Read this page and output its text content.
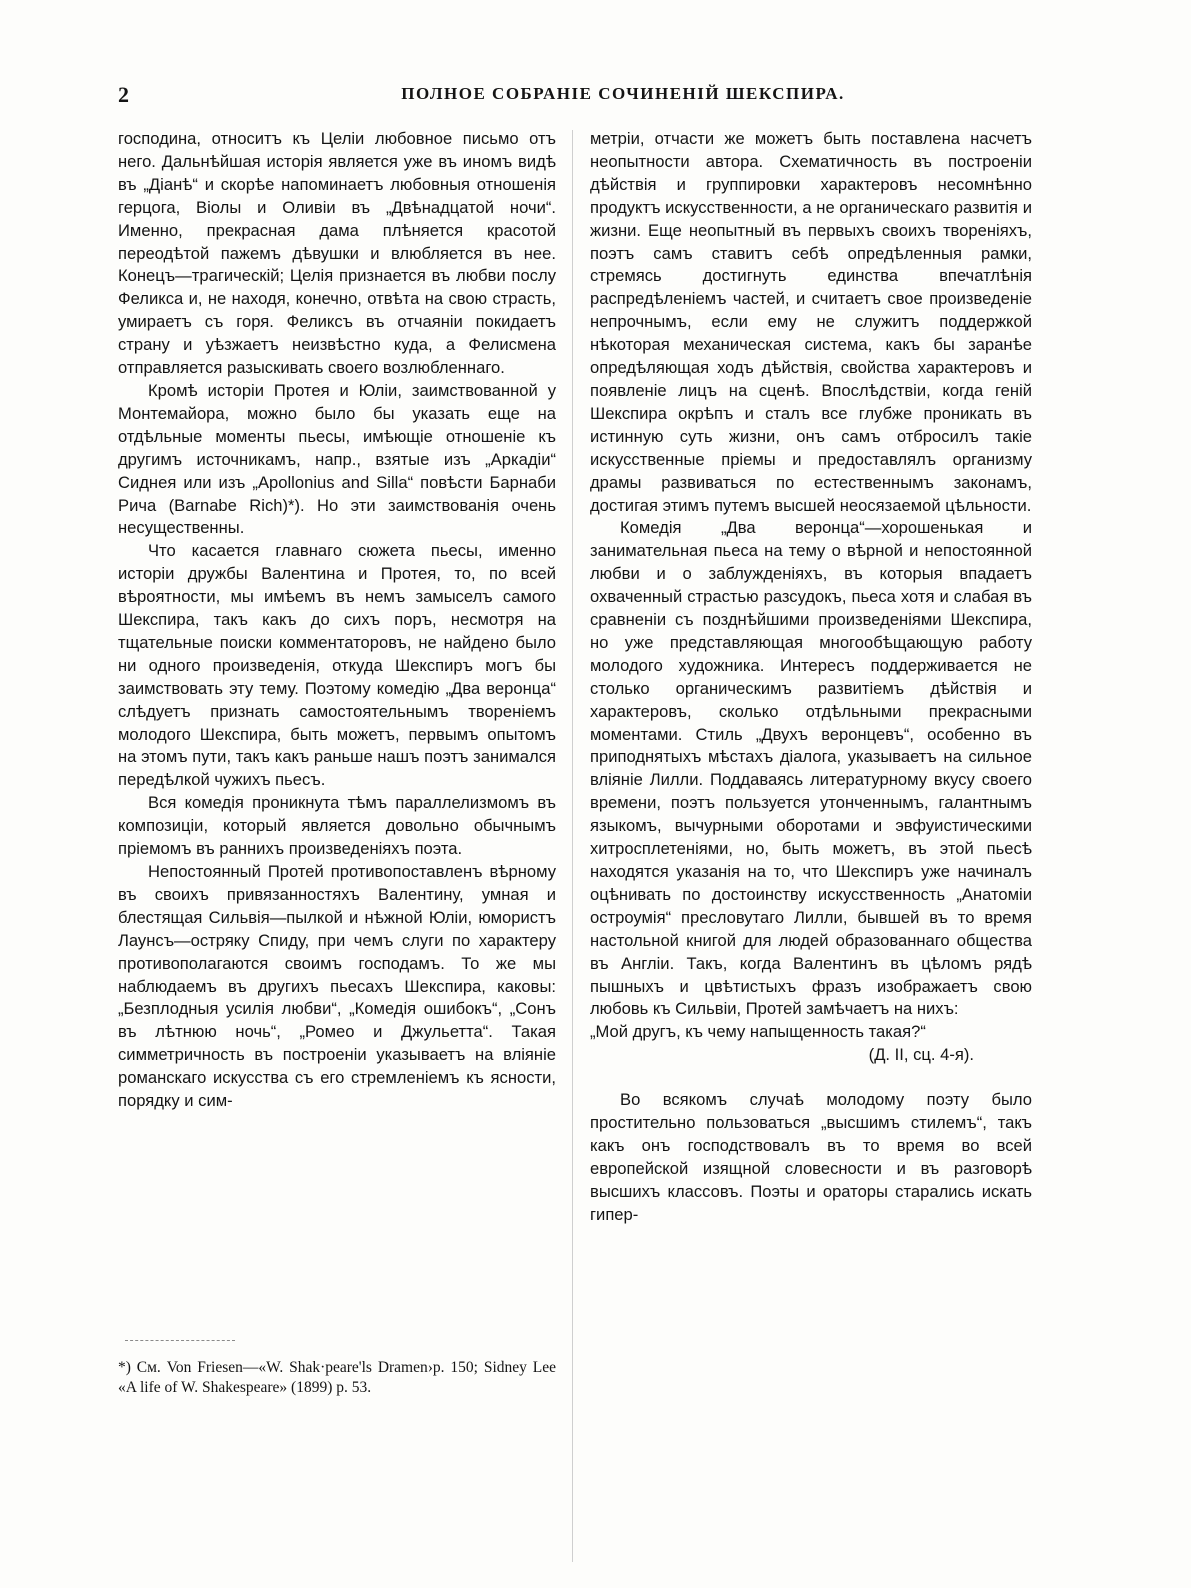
2	ПОЛНОЕ СОБРАНІЕ СОЧИНЕНІЙ ШЕКСПИРА.

господина, относитъ къ Целіи любовное письмо отъ него. Дальнѣйшая исторія является уже въ иномъ видѣ въ „Діанѣ“ и скорѣе напоминаетъ любовныя отношенія герцога, Віолы и Оливіи въ „Двѣнадцатой ночи“. Именно, прекрасная дама плѣняется красотой переодѣтой пажемъ дѣвушки и влюбляется въ нее. Конецъ—трагическій; Целія признается въ любви послу Феликса и, не находя, конечно, отвѣта на свою страсть, умираетъ съ горя. Феликсъ въ отчаяніи покидаетъ страну и уѣзжаетъ неизвѣстно куда, а Фелисмена отправляется разыскивать своего возлюбленнаго.

Кромѣ исторіи Протея и Юліи, заимствованной у Монтемайора, можно было бы указать еще на отдѣльные моменты пьесы, имѣющіе отношеніе къ другимъ источникамъ, напр., взятые изъ „Аркадіи“ Сиднея или изъ „Apollonius and Silla“ повѣсти Барнаби Рича (Barnabe Rich)*). Но эти заимствованія очень несущественны.

Что касается главнаго сюжета пьесы, именно исторіи дружбы Валентина и Протея, то, по всей вѣроятности, мы имѣемъ въ немъ замыселъ самого Шекспира, такъ какъ до сихъ поръ, несмотря на тщательные поиски комментаторовъ, не найдено было ни одного произведенія, откуда Шекспиръ могъ бы заимствовать эту тему. Поэтому комедію „Два веронца“ слѣдуетъ признать самостоятельнымъ твореніемъ молодого Шекспира, быть можетъ, первымъ опытомъ на этомъ пути, такъ какъ раньше нашъ поэтъ занимался передѣлкой чужихъ пьесъ.

Вся комедія проникнута тѣмъ параллелизмомъ въ композиціи, который является довольно обычнымъ пріемомъ въ раннихъ произведеніяхъ поэта.

Непостоянный Протей противопоставленъ вѣрному въ своихъ привязанностяхъ Валентину, умная и блестящая Сильвія—пылкой и нѣжной Юліи, юмористъ Лаунсъ—остряку Спиду, при чемъ слуги по характеру противополагаются своимъ господамъ. То же мы наблюдаемъ въ другихъ пьесахъ Шекспира, каковы: „Безплодныя усилія любви“, „Комедія ошибокъ“, „Сонъ въ лѣтнюю ночь“, „Ромео и Джульетта“. Такая симметричность въ построеніи указываетъ на вліяніе романскаго искусства съ его стремленіемъ къ ясности, порядку и сим-

*) См. Von Friesen—«W. Shak·peare'ls Dramen›p. 150; Sidney Lee «A life of W. Shakespeare» (1899) p. 53.

метріи, отчасти же можетъ быть поставлена насчетъ неопытности автора. Схематичность въ построеніи дѣйствія и группировки характеровъ несомнѣнно продуктъ искусственности, а не органическаго развитія и жизни. Еще неопытный въ первыхъ своихъ твореніяхъ, поэтъ самъ ставитъ себѣ опредѣленныя рамки, стремясь достигнуть единства впечатлѣнія распредѣленіемъ частей, и считаетъ свое произведеніе непрочнымъ, если ему не служитъ поддержкой нѣкоторая механическая система, какъ бы заранѣе опредѣляющая ходъ дѣйствія, свойства характеровъ и появленіе лицъ на сценѣ. Впослѣдствіи, когда геній Шекспира окрѣпъ и сталъ все глубже проникать въ истинную суть жизни, онъ самъ отбросилъ такіе искусственные пріемы и предоставлялъ организму драмы развиваться по естественнымъ законамъ, достигая этимъ путемъ высшей неосязаемой цѣльности.

Комедія „Два веронца“—хорошенькая и занимательная пьеса на тему о вѣрной и непостоянной любви и о заблужденіяхъ, въ которыя впадаетъ охваченный страстью разсудокъ, пьеса хотя и слабая въ сравненіи съ позднѣйшими произведеніями Шекспира, но уже представляющая многообѣщающую работу молодого художника. Интересъ поддерживается не столько органическимъ развитіемъ дѣйствія и характеровъ, сколько отдѣльными прекрасными моментами. Стиль „Двухъ веронцевъ“, особенно въ приподнятыхъ мѣстахъ діалога, указываетъ на сильное вліяніе Лилли. Поддаваясь литературному вкусу своего времени, поэтъ пользуется утонченнымъ, галантнымъ языкомъ, вычурными оборотами и эвфуистическими хитросплетеніями, но, быть можетъ, въ этой пьесѣ находятся указанія на то, что Шекспиръ уже начиналъ оцѣнивать по достоинству искусственность „Анатоміи остроумія“ пресловутаго Лилли, бывшей въ то время настольной книгой для людей образованнаго общества въ Англіи. Такъ, когда Валентинъ въ цѣломъ рядѣ пышныхъ и цвѣтистыхъ фразъ изображаетъ свою любовь къ Сильвіи, Протей замѣчаетъ на нихъ:

„Мой другъ, къ чему напыщенность такая?“

(Д. II, сц. 4-я).

Во всякомъ случаѣ молодому поэту было простительно пользоваться „высшимъ стилемъ“, такъ какъ онъ господствовалъ въ то время во всей европейской изящной словесности и въ разговорѣ высшихъ классовъ. Поэты и ораторы старались искать гипер-
